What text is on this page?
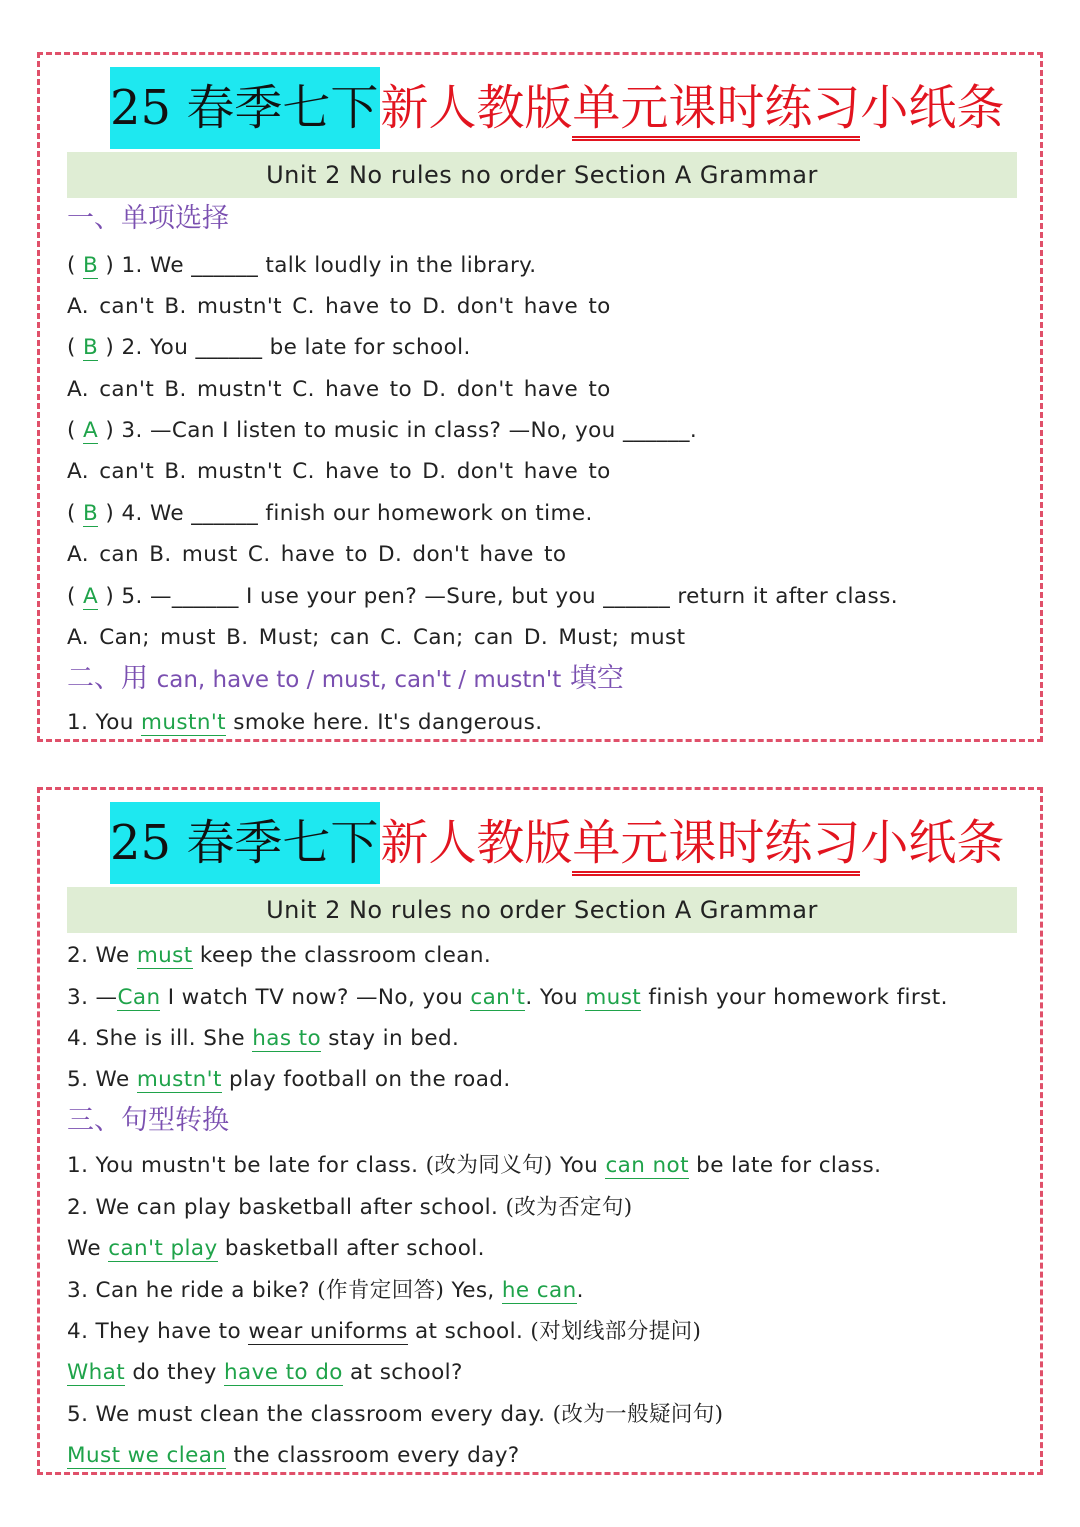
25 春季七下新人教版单元课时练习小纸条
Unit 2 No rules no order Section A Grammar
一、单项选择
( B ) 1. We ______ talk loudly in the library.
A. can't B. mustn't C. have to D. don't have to
( B ) 2. You ______ be late for school.
A. can't B. mustn't C. have to D. don't have to
( A ) 3. —Can I listen to music in class? —No, you ______.
A. can't B. mustn't C. have to D. don't have to
( B ) 4. We ______ finish our homework on time.
A. can B. must C. have to D. don't have to
( A ) 5. —______ I use your pen? —Sure, but you ______ return it after class.
A. Can; must B. Must; can C. Can; can D. Must; must
二、用 can, have to / must, can't / mustn't 填空
1. You mustn't smoke here. It's dangerous.
25 春季七下新人教版单元课时练习小纸条
Unit 2 No rules no order Section A Grammar
2. We must keep the classroom clean.
3. —Can I watch TV now? —No, you can't. You must finish your homework first.
4. She is ill. She has to stay in bed.
5. We mustn't play football on the road.
三、句型转换
1. You mustn't be late for class. (改为同义句) You can not be late for class.
2. We can play basketball after school. (改为否定句)
We can't play basketball after school.
3. Can he ride a bike? (作肯定回答) Yes, he can.
4. They have to wear uniforms at school. (对划线部分提问)
What do they have to do at school?
5. We must clean the classroom every day. (改为一般疑问句)
Must we clean the classroom every day?
